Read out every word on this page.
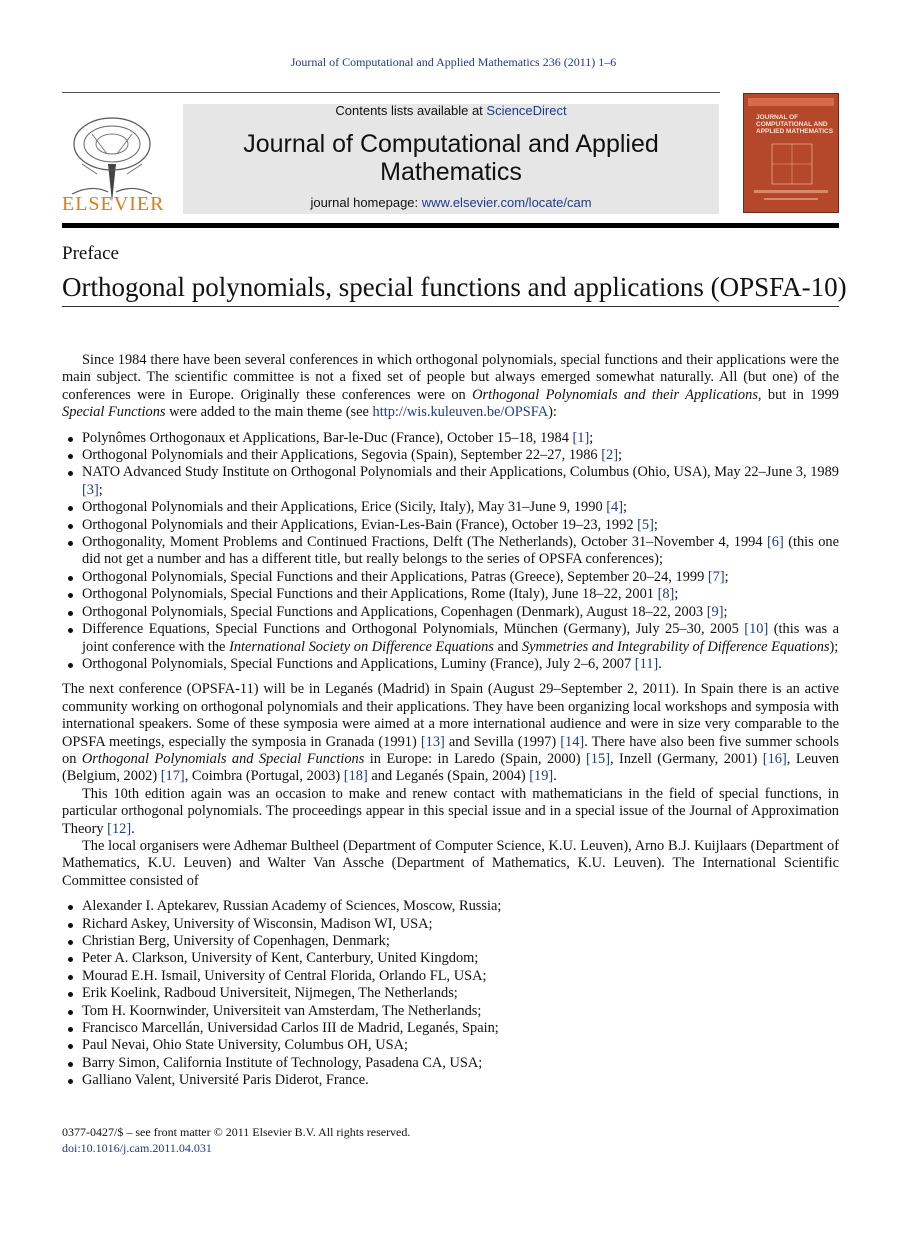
Journal of Computational and Applied Mathematics 236 (2011) 1–6
ELSEVIER
Contents lists available at ScienceDirect
Journal of Computational and Applied
Mathematics
journal homepage: www.elsevier.com/locate/cam
JOURNAL OF COMPUTATIONAL AND APPLIED MATHEMATICS
Preface
Orthogonal polynomials, special functions and applications (OPSFA-10)

Since 1984 there have been several conferences in which orthogonal polynomials, special functions and their applications were the main subject. The scientific committee is not a fixed set of people but always emerged somewhat naturally. All (but one) of the conferences were in Europe. Originally these conferences were on Orthogonal Polynomials and their Applications, but in 1999 Special Functions were added to the main theme (see http://wis.kuleuven.be/OPSFA):

Polynômes Orthogonaux et Applications, Bar-le-Duc (France), October 15–18, 1984 [1];
Orthogonal Polynomials and their Applications, Segovia (Spain), September 22–27, 1986 [2];
NATO Advanced Study Institute on Orthogonal Polynomials and their Applications, Columbus (Ohio, USA), May 22–June 3, 1989 [3];
Orthogonal Polynomials and their Applications, Erice (Sicily, Italy), May 31–June 9, 1990 [4];
Orthogonal Polynomials and their Applications, Evian-Les-Bain (France), October 19–23, 1992 [5];
Orthogonality, Moment Problems and Continued Fractions, Delft (The Netherlands), October 31–November 4, 1994 [6] (this one did not get a number and has a different title, but really belongs to the series of OPSFA conferences);
Orthogonal Polynomials, Special Functions and their Applications, Patras (Greece), September 20–24, 1999 [7];
Orthogonal Polynomials, Special Functions and their Applications, Rome (Italy), June 18–22, 2001 [8];
Orthogonal Polynomials, Special Functions and Applications, Copenhagen (Denmark), August 18–22, 2003 [9];
Difference Equations, Special Functions and Orthogonal Polynomials, München (Germany), July 25–30, 2005 [10] (this was a joint conference with the International Society on Difference Equations and Symmetries and Integrability of Difference Equations);
Orthogonal Polynomials, Special Functions and Applications, Luminy (France), July 2–6, 2007 [11].

The next conference (OPSFA-11) will be in Leganés (Madrid) in Spain (August 29–September 2, 2011). In Spain there is an active community working on orthogonal polynomials and their applications. They have been organizing local workshops and symposia with international speakers. Some of these symposia were aimed at a more international audience and were in size very comparable to the OPSFA meetings, especially the symposia in Granada (1991) [13] and Sevilla (1997) [14]. There have also been five summer schools on Orthogonal Polynomials and Special Functions in Europe: in Laredo (Spain, 2000) [15], Inzell (Germany, 2001) [16], Leuven (Belgium, 2002) [17], Coimbra (Portugal, 2003) [18] and Leganés (Spain, 2004) [19].

This 10th edition again was an occasion to make and renew contact with mathematicians in the field of special functions, in particular orthogonal polynomials. The proceedings appear in this special issue and in a special issue of the Journal of Approximation Theory [12].

The local organisers were Adhemar Bultheel (Department of Computer Science, K.U. Leuven), Arno B.J. Kuijlaars (Department of Mathematics, K.U. Leuven) and Walter Van Assche (Department of Mathematics, K.U. Leuven). The International Scientific Committee consisted of

Alexander I. Aptekarev, Russian Academy of Sciences, Moscow, Russia;
Richard Askey, University of Wisconsin, Madison WI, USA;
Christian Berg, University of Copenhagen, Denmark;
Peter A. Clarkson, University of Kent, Canterbury, United Kingdom;
Mourad E.H. Ismail, University of Central Florida, Orlando FL, USA;
Erik Koelink, Radboud Universiteit, Nijmegen, The Netherlands;
Tom H. Koornwinder, Universiteit van Amsterdam, The Netherlands;
Francisco Marcellán, Universidad Carlos III de Madrid, Leganés, Spain;
Paul Nevai, Ohio State University, Columbus OH, USA;
Barry Simon, California Institute of Technology, Pasadena CA, USA;
Galliano Valent, Université Paris Diderot, France.
0377-0427/$ – see front matter © 2011 Elsevier B.V. All rights reserved.
doi:10.1016/j.cam.2011.04.031
